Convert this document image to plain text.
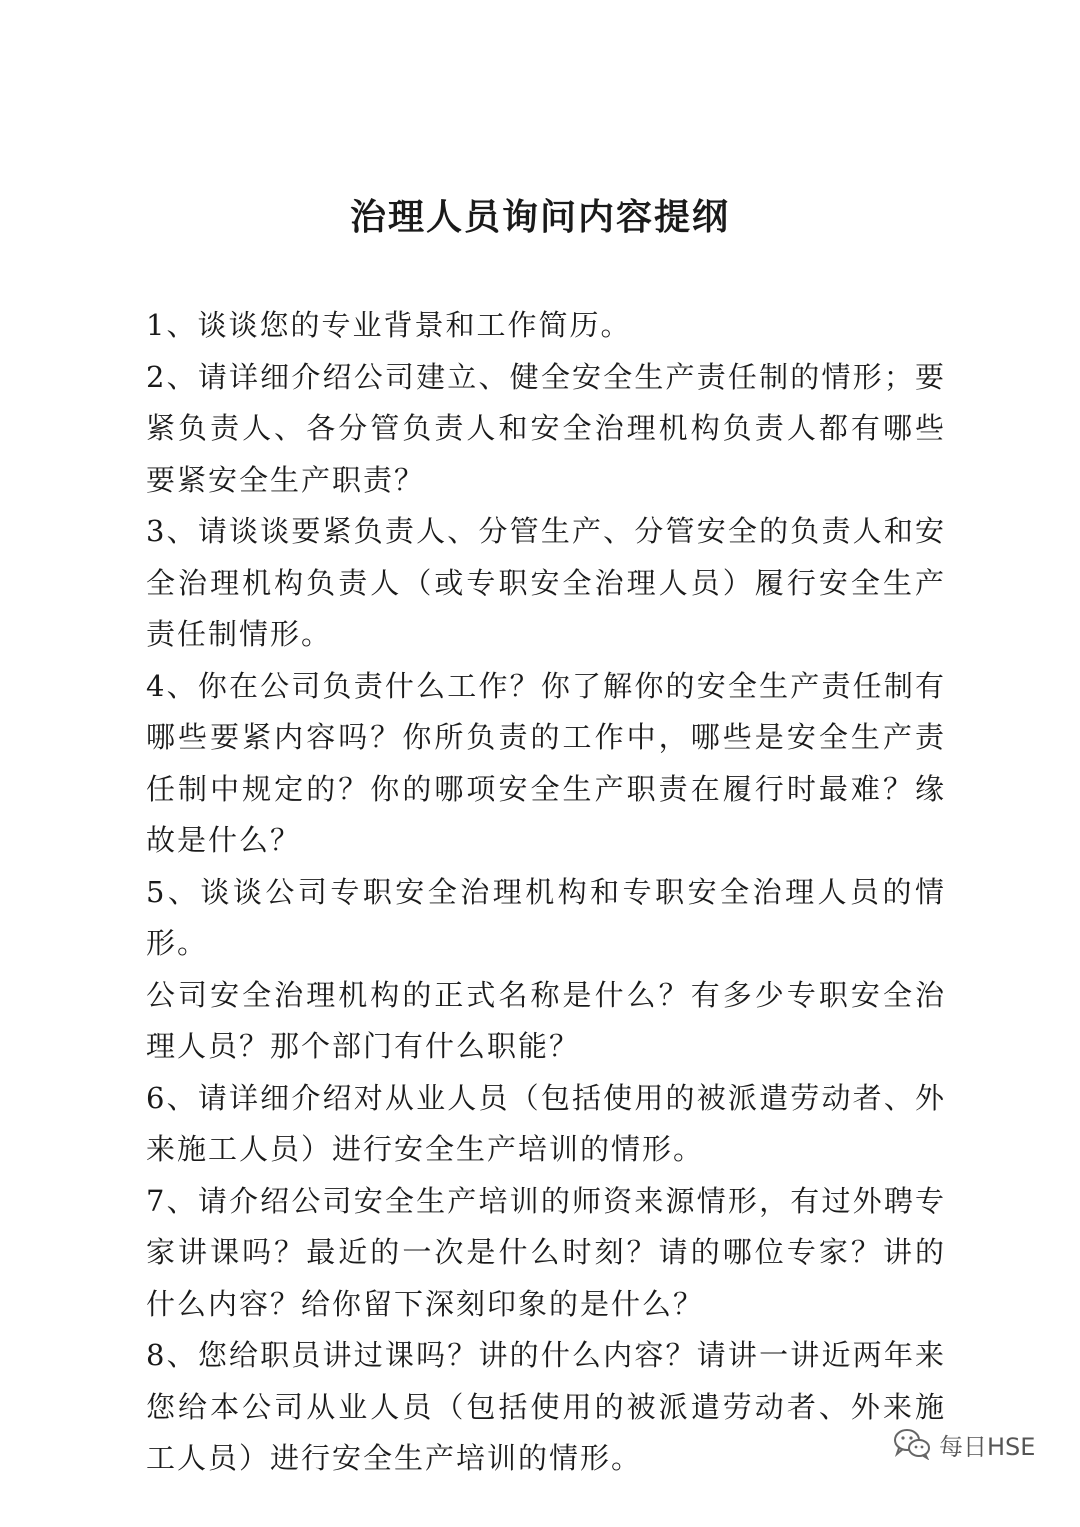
治理人员询问内容提纲

1、谈谈您的专业背景和工作简历。

2、请详细介绍公司建立、健全安全生产责任制的情形；要紧负责人、各分管负责人和安全治理机构负责人都有哪些要紧安全生产职责？

3、请谈谈要紧负责人、分管生产、分管安全的负责人和安全治理机构负责人（或专职安全治理人员）履行安全生产责任制情形。

4、你在公司负责什么工作？你了解你的安全生产责任制有哪些要紧内容吗？你所负责的工作中，哪些是安全生产责任制中规定的？你的哪项安全生产职责在履行时最难？缘故是什么？

5、谈谈公司专职安全治理机构和专职安全治理人员的情形。

公司安全治理机构的正式名称是什么？有多少专职安全治理人员？那个部门有什么职能？

6、请详细介绍对从业人员（包括使用的被派遣劳动者、外来施工人员）进行安全生产培训的情形。

7、请介绍公司安全生产培训的师资来源情形，有过外聘专家讲课吗？最近的一次是什么时刻？请的哪位专家？讲的什么内容？给你留下深刻印象的是什么？

8、您给职员讲过课吗？讲的什么内容？请讲一讲近两年来您给本公司从业人员（包括使用的被派遣劳动者、外来施工人员）进行安全生产培训的情形。	每日HSE
